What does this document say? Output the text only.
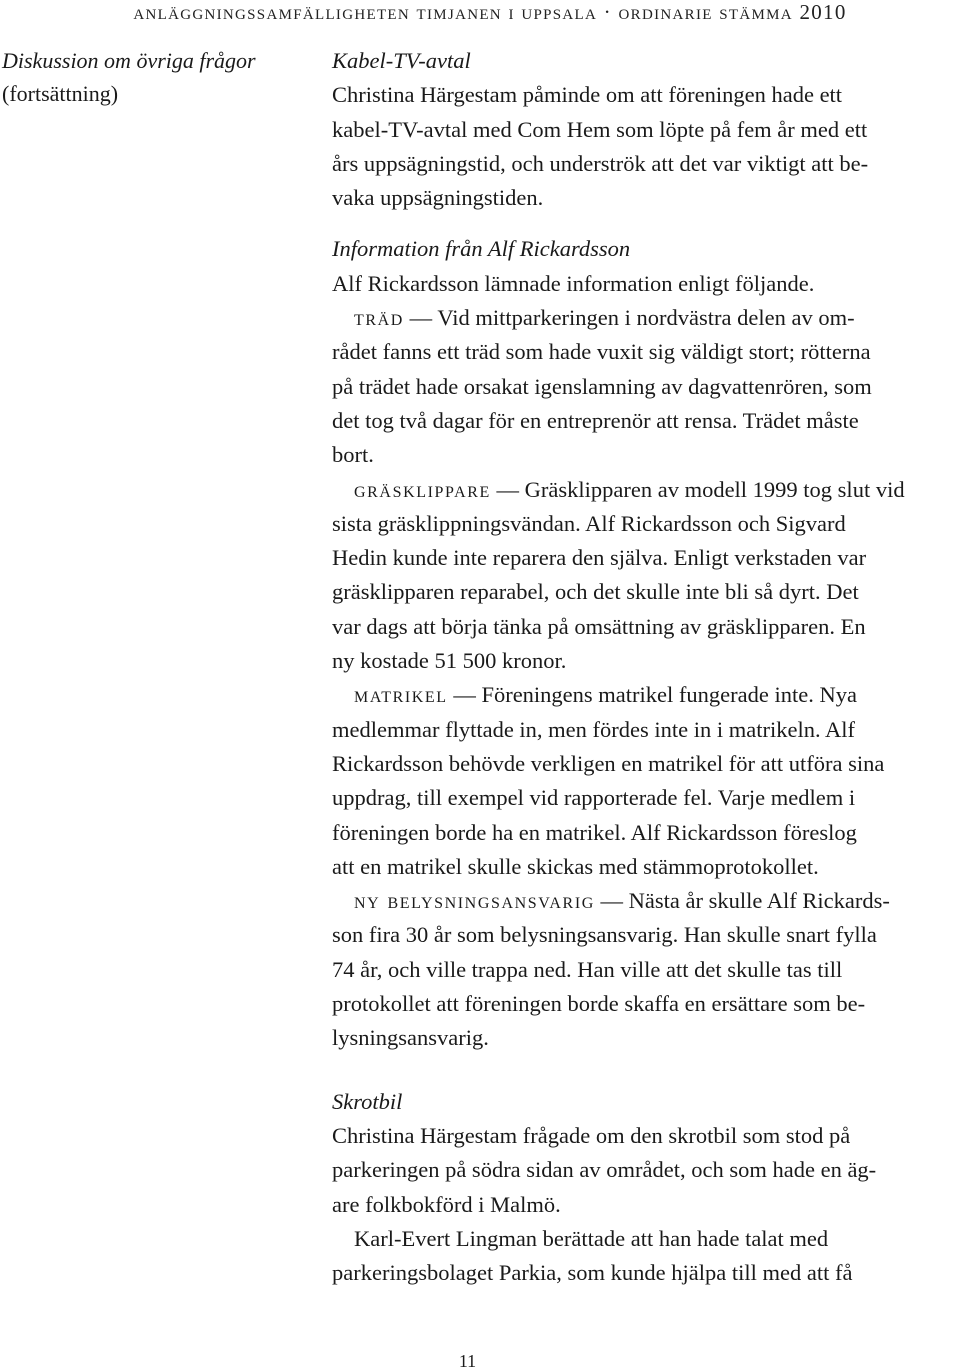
anläggningssamfälligheten timjanen i uppsala · ordinarie stämma 2010
Diskussion om övriga frågor
(fortsättning)

Kabel-TV-avtal

Christina Härgestam påminde om att föreningen hade ett

kabel-TV-avtal med Com Hem som löpte på fem år med ett

års uppsägningstid, och underströk att det var viktigt att be-

vaka uppsägningstiden.

Information från Alf Rickardsson

Alf Rickardsson lämnade information enligt följande.

träd — Vid mittparkeringen i nordvästra delen av om-

rådet fanns ett träd som hade vuxit sig väldigt stort; rötterna

på trädet hade orsakat igenslamning av dagvattenrören, som

det tog två dagar för en entreprenör att rensa. Trädet måste

bort.

gräsklippare — Gräsklipparen av modell 1999 tog slut vid

sista gräsklippningsvändan. Alf Rickardsson och Sigvard

Hedin kunde inte reparera den själva. Enligt verkstaden var

gräsklipparen reparabel, och det skulle inte bli så dyrt. Det

var dags att börja tänka på omsättning av gräsklipparen. En

ny kostade 51 500 kronor.

matrikel — Föreningens matrikel fungerade inte. Nya

medlemmar flyttade in, men fördes inte in i matrikeln. Alf

Rickardsson behövde verkligen en matrikel för att utföra sina

uppdrag, till exempel vid rapporterade fel. Varje medlem i

föreningen borde ha en matrikel. Alf Rickardsson föreslog

att en matrikel skulle skickas med stämmoprotokollet.

ny belysningsansvarig — Nästa år skulle Alf Rickards-

son fira 30 år som belysningsansvarig. Han skulle snart fylla

74 år, och ville trappa ned. Han ville att det skulle tas till

protokollet att föreningen borde skaffa en ersättare som be-

lysningsansvarig.

Skrotbil

Christina Härgestam frågade om den skrotbil som stod på

parkeringen på södra sidan av området, och som hade en äg-

are folkbokförd i Malmö.

Karl-Evert Lingman berättade att han hade talat med

parkeringsbolaget Parkia, som kunde hjälpa till med att få

11
